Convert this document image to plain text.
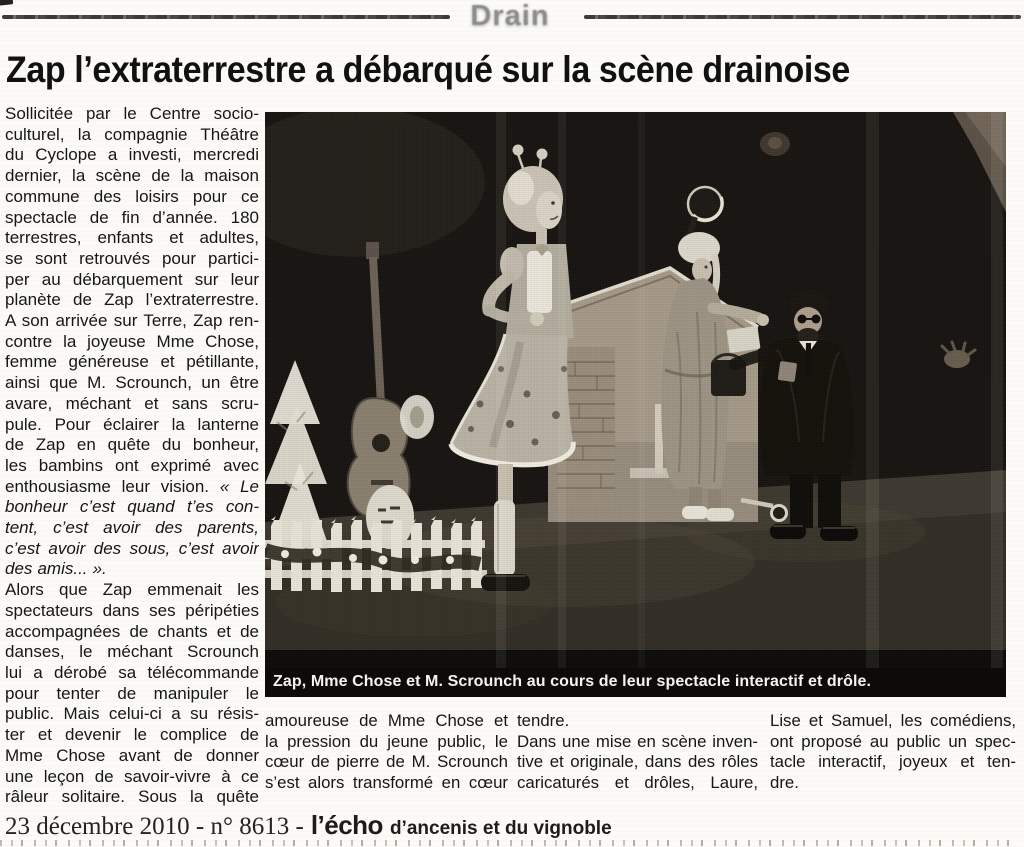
Drain
Zap l’extraterrestre a débarqué sur la scène drainoise
Sollicitée par le Centre socio-
culturel, la compagnie Théâtre
du Cyclope a investi, mercredi
dernier, la scène de la maison
commune des loisirs pour ce
spectacle de fin d’année. 180
terrestres, enfants et adultes,
se sont retrouvés pour partici-
per au débarquement sur leur
planète de Zap l’extraterrestre.
A son arrivée sur Terre, Zap ren-
contre la joyeuse Mme Chose,
femme généreuse et pétillante,
ainsi que M. Scrounch, un être
avare, méchant et sans scru-
pule. Pour éclairer la lanterne
de Zap en quête du bonheur,
les bambins ont exprimé avec
enthousiasme leur vision. « Le
bonheur c’est quand t’es con-
tent, c’est avoir des parents,
c’est avoir des sous, c’est avoir
des amis... ».
Alors que Zap emmenait les
spectateurs dans ses péripéties
accompagnées de chants et de
danses, le méchant Scrounch
lui a dérobé sa télécommande
pour tenter de manipuler le
public. Mais celui-ci a su résis-
ter et devenir le complice de
Mme Chose avant de donner
une leçon de savoir-vivre à ce
râleur solitaire. Sous la quête
Zap, Mme Chose et M. Scrounch au cours de leur spectacle interactif et drôle.
amoureuse de Mme Chose et
la pression du jeune public, le
cœur de pierre de M. Scrounch
s’est alors transformé en cœur
tendre.
Dans une mise en scène inven-
tive et originale, dans des rôles
caricaturés et drôles, Laure,
Lise et Samuel, les comédiens,
ont proposé au public un spec-
tacle interactif, joyeux et ten-
dre.
23 décembre 2010 - n° 8613 - l’écho d’ancenis et du vignoble
